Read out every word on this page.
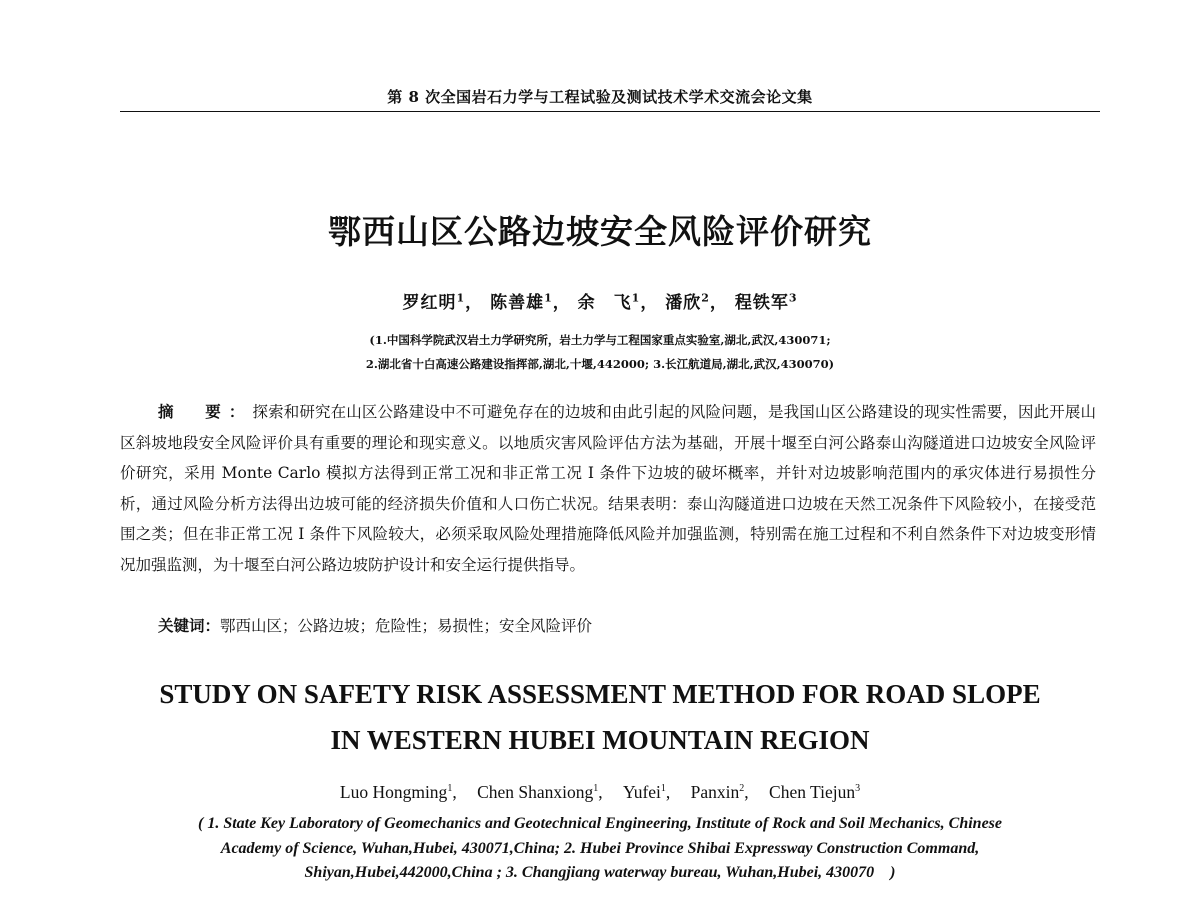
第 8 次全国岩石力学与工程试验及测试技术学术交流会论文集
鄂西山区公路边坡安全风险评价研究
罗红明$^1$， 陈善雄$^1$， 余　飞$^1$， 潘欣$^2$， 程铁军$^3$
(1.中国科学院武汉岩土力学研究所，岩土力学与工程国家重点实验室,湖北,武汉,430071;
2.湖北省十白高速公路建设指挥部,湖北,十堰,442000; 3.长江航道局,湖北,武汉,430070)

摘　要：探索和研究在山区公路建设中不可避免存在的边坡和由此引起的风险问题，是我国山区公路建设的现实性需要，因此开展山区斜坡地段安全风险评价具有重要的理论和现实意义。以地质灾害风险评估方法为基础，开展十堰至白河公路泰山沟隧道进口边坡安全风险评价研究，采用 Monte Carlo 模拟方法得到正常工况和非正常工况 I 条件下边坡的破坏概率，并针对边坡影响范围内的承灾体进行易损性分析，通过风险分析方法得出边坡可能的经济损失价值和人口伤亡状况。结果表明：泰山沟隧道进口边坡在天然工况条件下风险较小，在接受范围之类；但在非正常工况 I 条件下风险较大，必须采取风险处理措施降低风险并加强监测，特别需在施工过程和不利自然条件下对边坡变形情况加强监测，为十堰至白河公路边坡防护设计和安全运行提供指导。

关键词：鄂西山区；公路边坡；危险性；易损性；安全风险评价
STUDY ON SAFETY RISK ASSESSMENT METHOD FOR ROAD SLOPE
IN WESTERN HUBEI MOUNTAIN REGION
Luo Hongming$^1$, Chen Shanxiong$^1$, Yufei$^1$, Panxin$^2$, Chen Tiejun$^3$
( 1. State Key Laboratory of Geomechanics and Geotechnical Engineering, Institute of Rock and Soil Mechanics, Chinese
Academy of Science, Wuhan,Hubei, 430071,China; 2. Hubei Province Shibai Expressway Construction Command,
Shiyan,Hubei,442000,China ; 3. Changjiang waterway bureau, Wuhan,Hubei, 430070　)
